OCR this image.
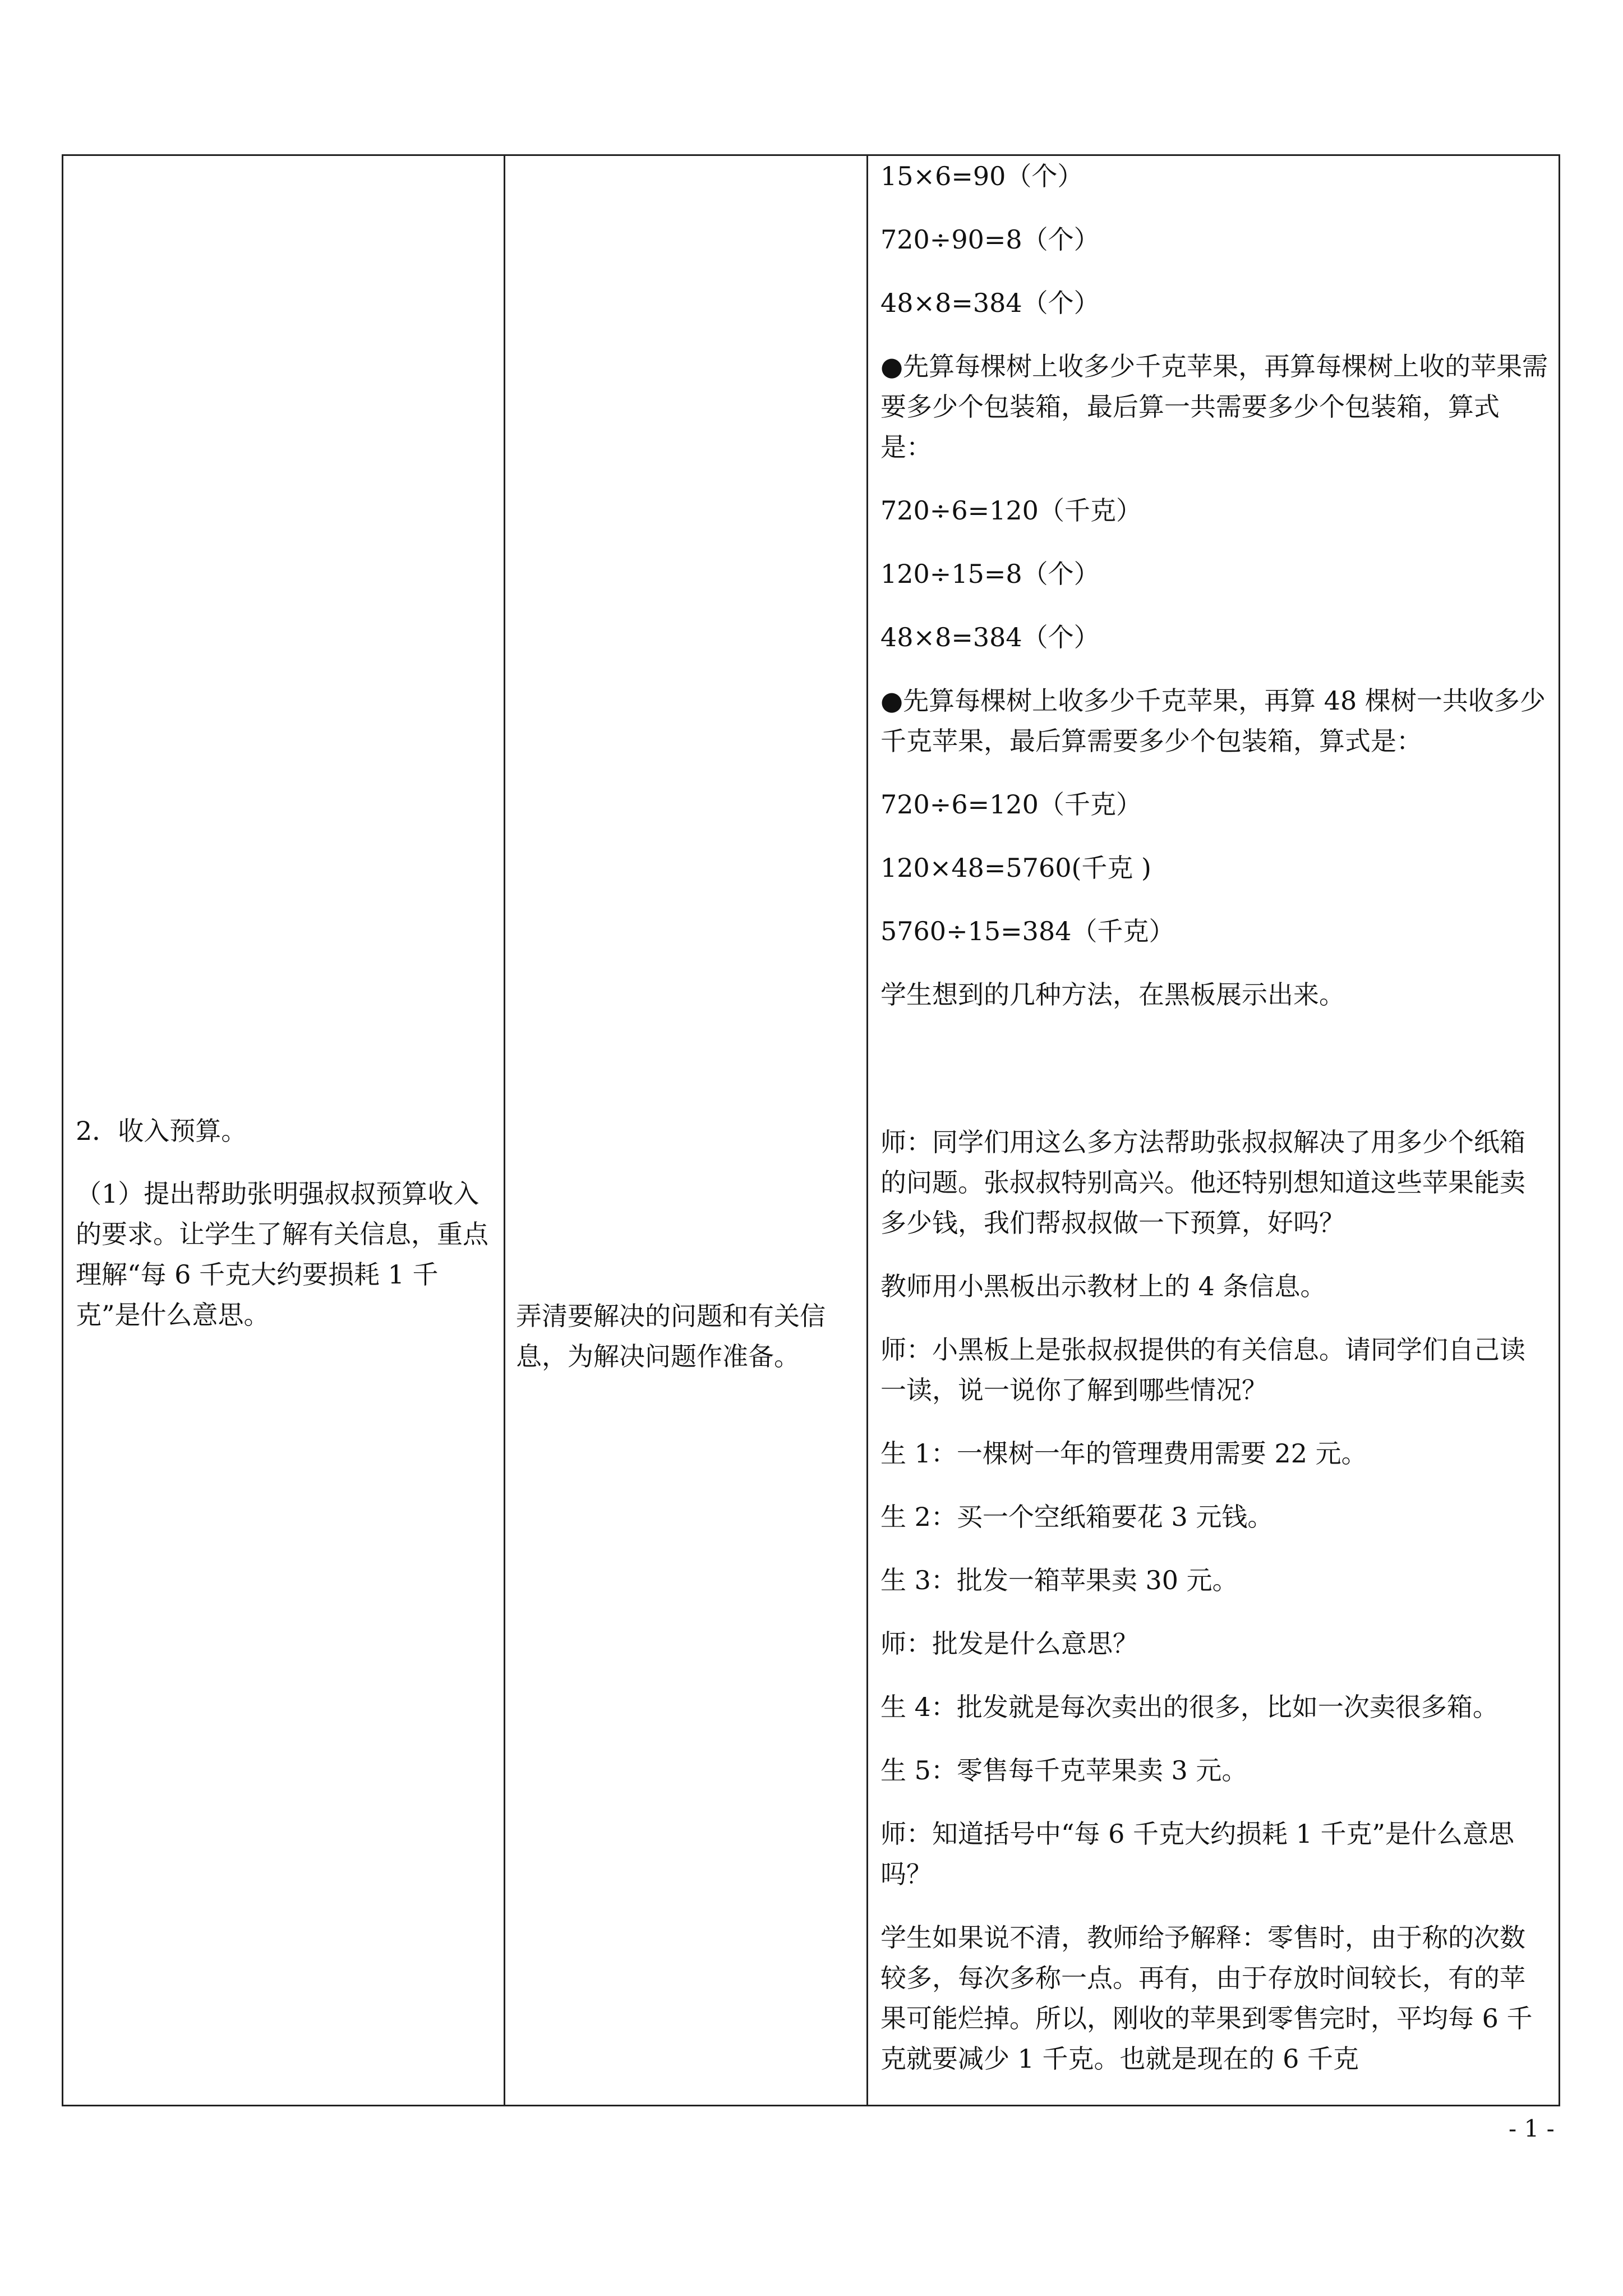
2．收入预算。

（1）提出帮助张明强叔叔预算收入的要求。让学生了解有关信息，重点理解“每 6 千克大约要损耗 1 千克”是什么意思。	弄清要解决的问题和有关信息，为解决问题作准备。

15×6=90（个）

720÷90=8（个）

48×8=384（个）

●先算每棵树上收多少千克苹果，再算每棵树上收的苹果需要多少个包装箱，最后算一共需要多少个包装箱，算式是：

720÷6=120（千克）

120÷15=8（个）

48×8=384（个）

●先算每棵树上收多少千克苹果，再算 48 棵树一共收多少千克苹果，最后算需要多少个包装箱，算式是：

720÷6=120（千克）

120×48=5760(千克 )

5760÷15=384（千克）

学生想到的几种方法，在黑板展示出来。

师：同学们用这么多方法帮助张叔叔解决了用多少个纸箱的问题。张叔叔特别高兴。他还特别想知道这些苹果能卖多少钱，我们帮叔叔做一下预算，好吗？

教师用小黑板出示教材上的 4 条信息。

师：小黑板上是张叔叔提供的有关信息。请同学们自己读一读，说一说你了解到哪些情况？

生 1：一棵树一年的管理费用需要 22 元。

生 2：买一个空纸箱要花 3 元钱。

生 3：批发一箱苹果卖 30 元。

师：批发是什么意思？

生 4：批发就是每次卖出的很多，比如一次卖很多箱。

生 5：零售每千克苹果卖 3 元。

师：知道括号中“每 6 千克大约损耗 1 千克”是什么意思吗？

学生如果说不清，教师给予解释：零售时，由于称的次数较多，每次多称一点。再有，由于存放时间较长，有的苹果可能烂掉。所以，刚收的苹果到零售完时，平均每 6 千克就要减少 1 千克。也就是现在的 6 千克

- 1 -
